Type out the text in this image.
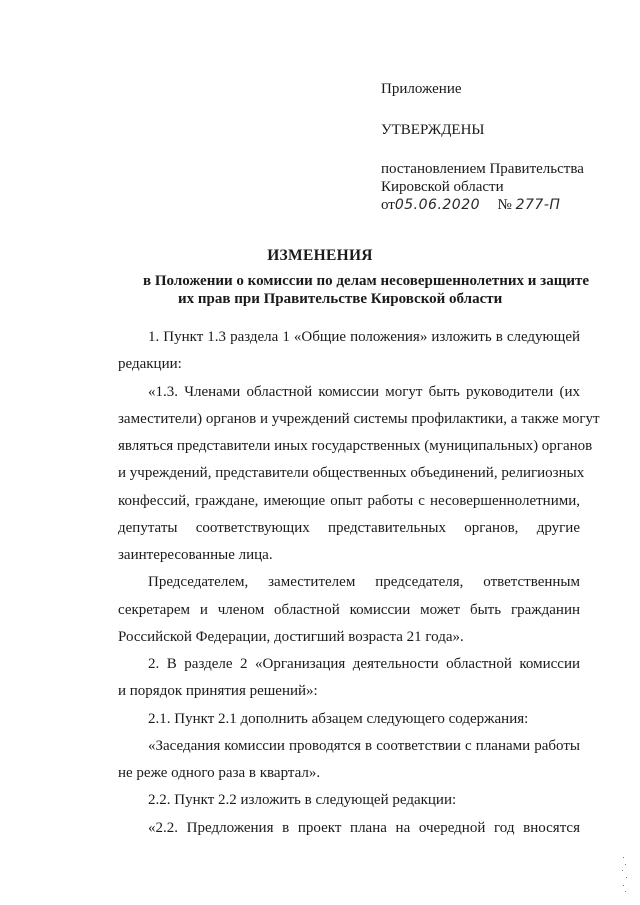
Приложение
УТВЕРЖДЕНЫ
постановлением Правительства
Кировской области
от05.06.2020 № 277-П
ИЗМЕНЕНИЯ
в Положении о комиссии по делам несовершеннолетних и защите
их прав при Правительстве Кировской области
1. Пункт 1.3 раздела 1 «Общие положения» изложить в следующей
редакции:
«1.3. Членами областной комиссии могут быть руководители (их
заместители) органов и учреждений системы профилактики, а также могут
являться представители иных государственных (муниципальных) органов
и учреждений, представители общественных объединений, религиозных
конфессий, граждане, имеющие опыт работы с несовершеннолетними,
депутаты соответствующих представительных органов, другие
заинтересованные лица.
Председателем, заместителем председателя, ответственным
секретарем и членом областной комиссии может быть гражданин
Российской Федерации, достигший возраста 21 года».
2. В разделе 2 «Организация деятельности областной комиссии
и порядок принятия решений»:
2.1. Пункт 2.1 дополнить абзацем следующего содержания:
«Заседания комиссии проводятся в соответствии с планами работы
не реже одного раза в квартал».
2.2. Пункт 2.2 изложить в следующей редакции:
«2.2. Предложения в проект плана на очередной год вносятся
